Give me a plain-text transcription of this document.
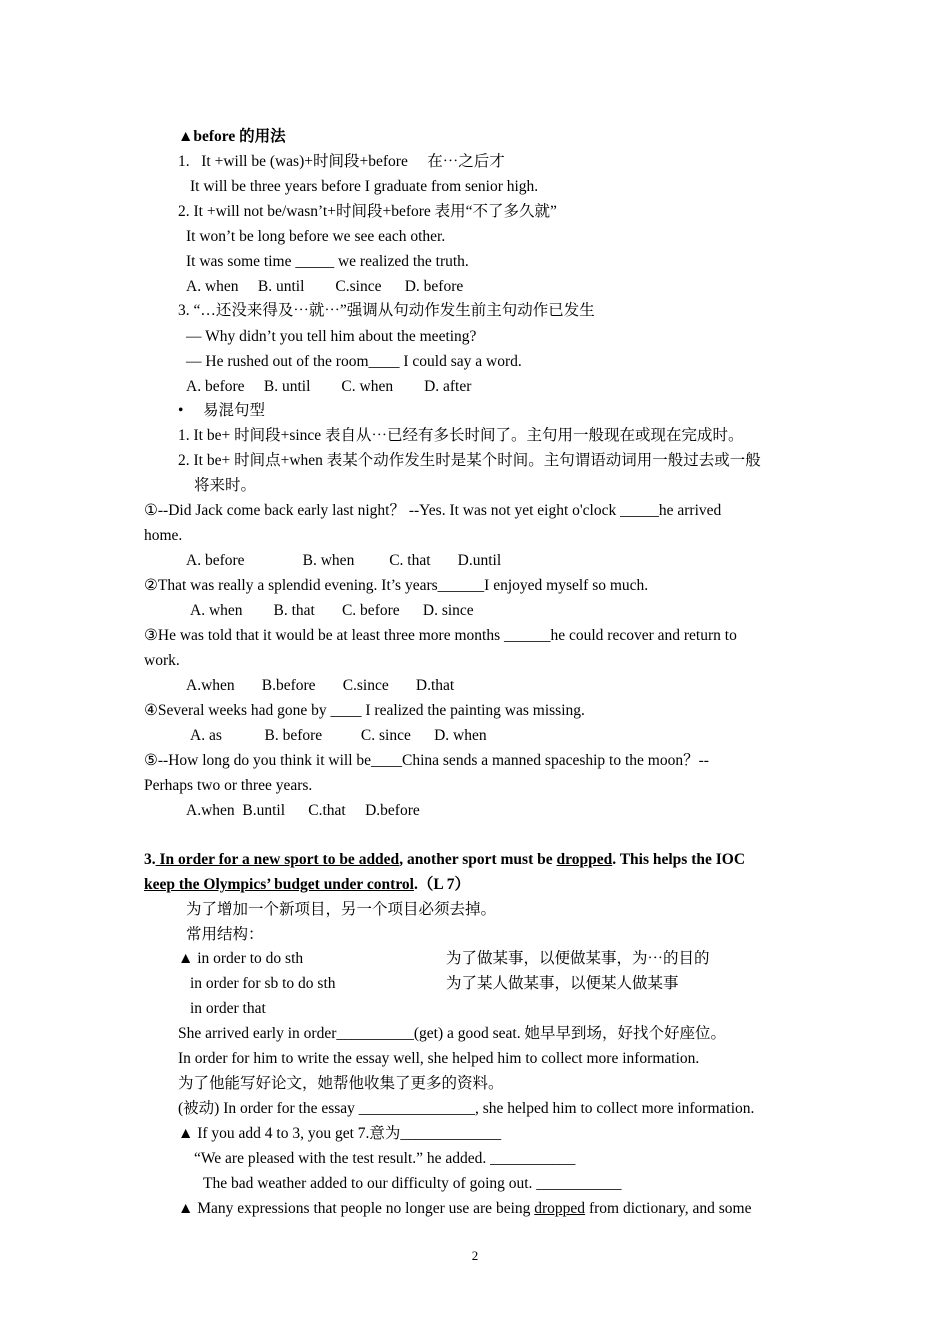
▲before 的用法
1.   It +will be (was)+时间段+before     在⋯之后才
It will be three years before I graduate from senior high.
2. It +will not be/wasn’t+时间段+before 表用“不了多久就”
It won’t be long before we see each other.
It was some time _____ we realized the truth.
A. when     B. until        C.since      D. before
3. “…还没来得及⋯就⋯”强调从句动作发生前主句动作已发生
— Why didn’t you tell him about the meeting?
— He rushed out of the room____ I could say a word.
A. before     B. until        C. when        D. after
• 易混句型
1. It be+ 时间段+since 表自从⋯已经有多长时间了。主句用一般现在或现在完成时。
2. It be+ 时间点+when 表某个动作发生时是某个时间。主句谓语动词用一般过去或一般
将来时。
①--Did Jack come back early last night？ --Yes. It was not yet eight o'clock _____he arrived
home.
A. before               B. when         C. that       D.until
②That was really a splendid evening. It’s years______I enjoyed myself so much.
A. when        B. that       C. before      D. since
③He was told that it would be at least three more months ______he could recover and return to
work.
A.when       B.before       C.since       D.that
④Several weeks had gone by ____ I realized the painting was missing.
A. as           B. before          C. since      D. when
⑤--How long do you think it will be____China sends a manned spaceship to the moon？--
Perhaps two or three years.
A.when  B.until      C.that     D.before
3. In order for a new sport to be added, another sport must be dropped. This helps the IOC
keep the Olympics’ budget under control.（L 7）
为了增加一个新项目，另一个项目必须去掉。
常用结构：
▲ in order to do sth	为了做某事，以便做某事，为⋯的目的
in order for sb to do sth	为了某人做某事，以便某人做某事
in order that
She arrived early in order__________(get) a good seat. 她早早到场，好找个好座位。
In order for him to write the essay well, she helped him to collect more information.
为了他能写好论文，她帮他收集了更多的资料。
(被动) In order for the essay _______________, she helped him to collect more information.
▲ If you add 4 to 3, you get 7.意为_____________
“We are pleased with the test result.” he added. ___________
The bad weather added to our difficulty of going out. ___________
▲ Many expressions that people no longer use are being dropped from dictionary, and some
2
